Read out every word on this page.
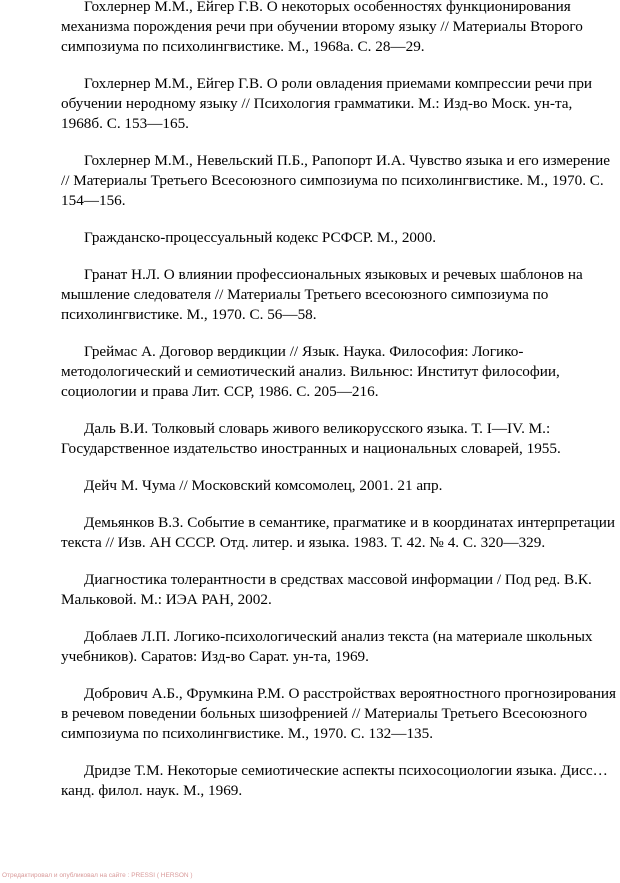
Гохлернер М.М., Ейгер Г.В. О некоторых особенностях функционирования механизма порождения речи при обучении второму языку // Материалы Второго симпозиума по психолингвистике. М., 1968а. С. 28—29.

Гохлернер М.М., Ейгер Г.В. О роли овладения приемами компрессии речи при обучении неродному языку // Психология грамматики. М.: Изд-во Моск. ун-та, 1968б. С. 153—165.

Гохлернер М.М., Невельский П.Б., Рапопорт И.А. Чувство языка и его измерение // Материалы Третьего Всесоюзного симпозиума по психолингвистике. М., 1970. С. 154—156.

Гражданско-процессуальный кодекс РСФСР. М., 2000.

Гранат Н.Л. О влиянии профессиональных языковых и речевых шаблонов на мышление следователя // Материалы Третьего всесоюзного симпозиума по психолингвистике. М., 1970. С. 56—58.

Греймас А. Договор вердикции // Язык. Наука. Философия: Логико-методологический и семиотический анализ. Вильнюс: Институт философии, социологии и права Лит. ССР, 1986. С. 205—216.

Даль В.И. Толковый словарь живого великорусского языка. Т. I—IV. М.: Государственное издательство иностранных и национальных словарей, 1955.

Дейч М. Чума // Московский комсомолец, 2001. 21 апр.

Демьянков В.З. Событие в семантике, прагматике и в координатах интерпретации текста // Изв. АН СССР. Отд. литер. и языка. 1983. Т. 42. № 4. С. 320—329.

Диагностика толерантности в средствах массовой информации / Под ред. В.К. Мальковой. М.: ИЭА РАН, 2002.

Доблаев Л.П. Логико-психологический анализ текста (на материале школьных учебников). Саратов: Изд-во Сарат. ун-та, 1969.

Добрович А.Б., Фрумкина Р.М. О расстройствах вероятностного прогнозирования в речевом поведении больных шизофренией // Материалы Третьего Всесоюзного симпозиума по психолингвистике. М., 1970. С. 132—135.

Дридзе Т.М. Некоторые семиотические аспекты психосоциологии языка. Дисс…канд. филол. наук. М., 1969.

Отредактировал и опубликовал на сайте : PRESSI ( HERSON )
